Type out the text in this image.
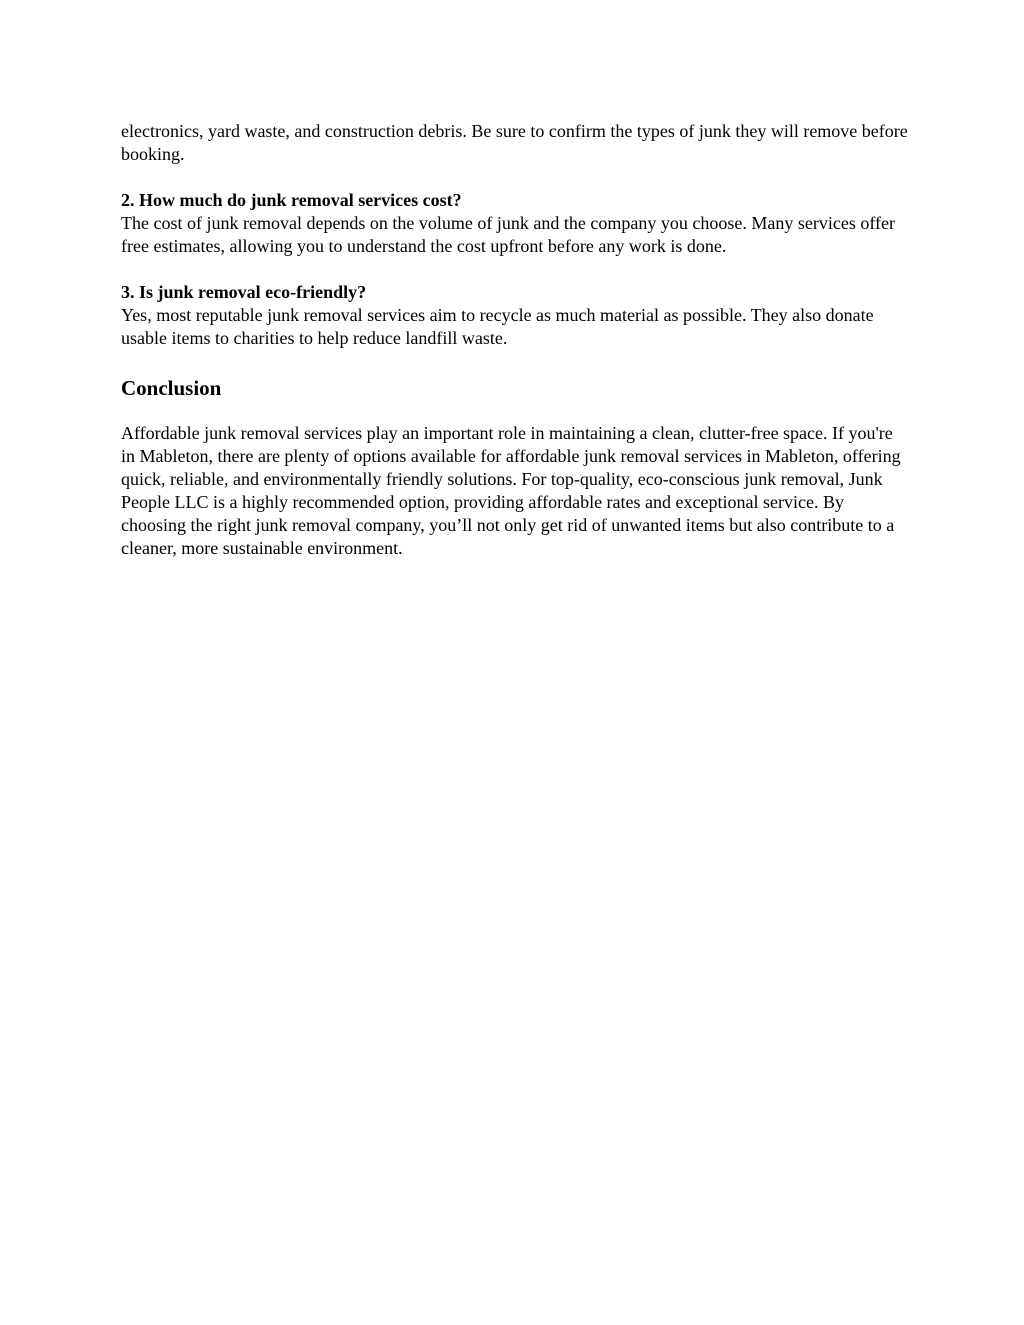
electronics, yard waste, and construction debris. Be sure to confirm the types of junk they will remove before booking.

2. How much do junk removal services cost?
The cost of junk removal depends on the volume of junk and the company you choose. Many services offer free estimates, allowing you to understand the cost upfront before any work is done.
3. Is junk removal eco-friendly?
Yes, most reputable junk removal services aim to recycle as much material as possible. They also donate usable items to charities to help reduce landfill waste.
Conclusion

Affordable junk removal services play an important role in maintaining a clean, clutter-free space. If you're in Mableton, there are plenty of options available for affordable junk removal services in Mableton, offering quick, reliable, and environmentally friendly solutions. For top-quality, eco-conscious junk removal, Junk People LLC is a highly recommended option, providing affordable rates and exceptional service. By choosing the right junk removal company, you’ll not only get rid of unwanted items but also contribute to a cleaner, more sustainable environment.
